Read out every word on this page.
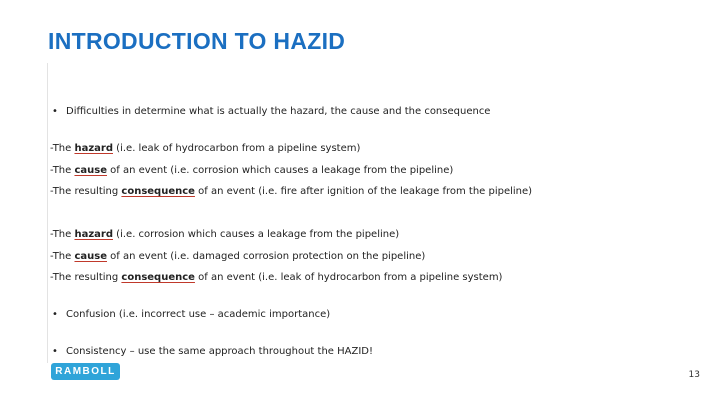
INTRODUCTION TO HAZID
• Difficulties in determine what is actually the hazard, the cause and the consequence
-The hazard (i.e. leak of hydrocarbon from a pipeline system)
-The cause of an event (i.e. corrosion which causes a leakage from the pipeline)
-The resulting consequence of an event (i.e. fire after ignition of the leakage from the pipeline)
-The hazard (i.e. corrosion which causes a leakage from the pipeline)
-The cause of an event (i.e. damaged corrosion protection on the pipeline)
-The resulting consequence of an event (i.e. leak of hydrocarbon from a pipeline system)
• Confusion (i.e. incorrect use – academic importance)
• Consistency – use the same approach throughout the HAZID!
RAMBOLL	13
